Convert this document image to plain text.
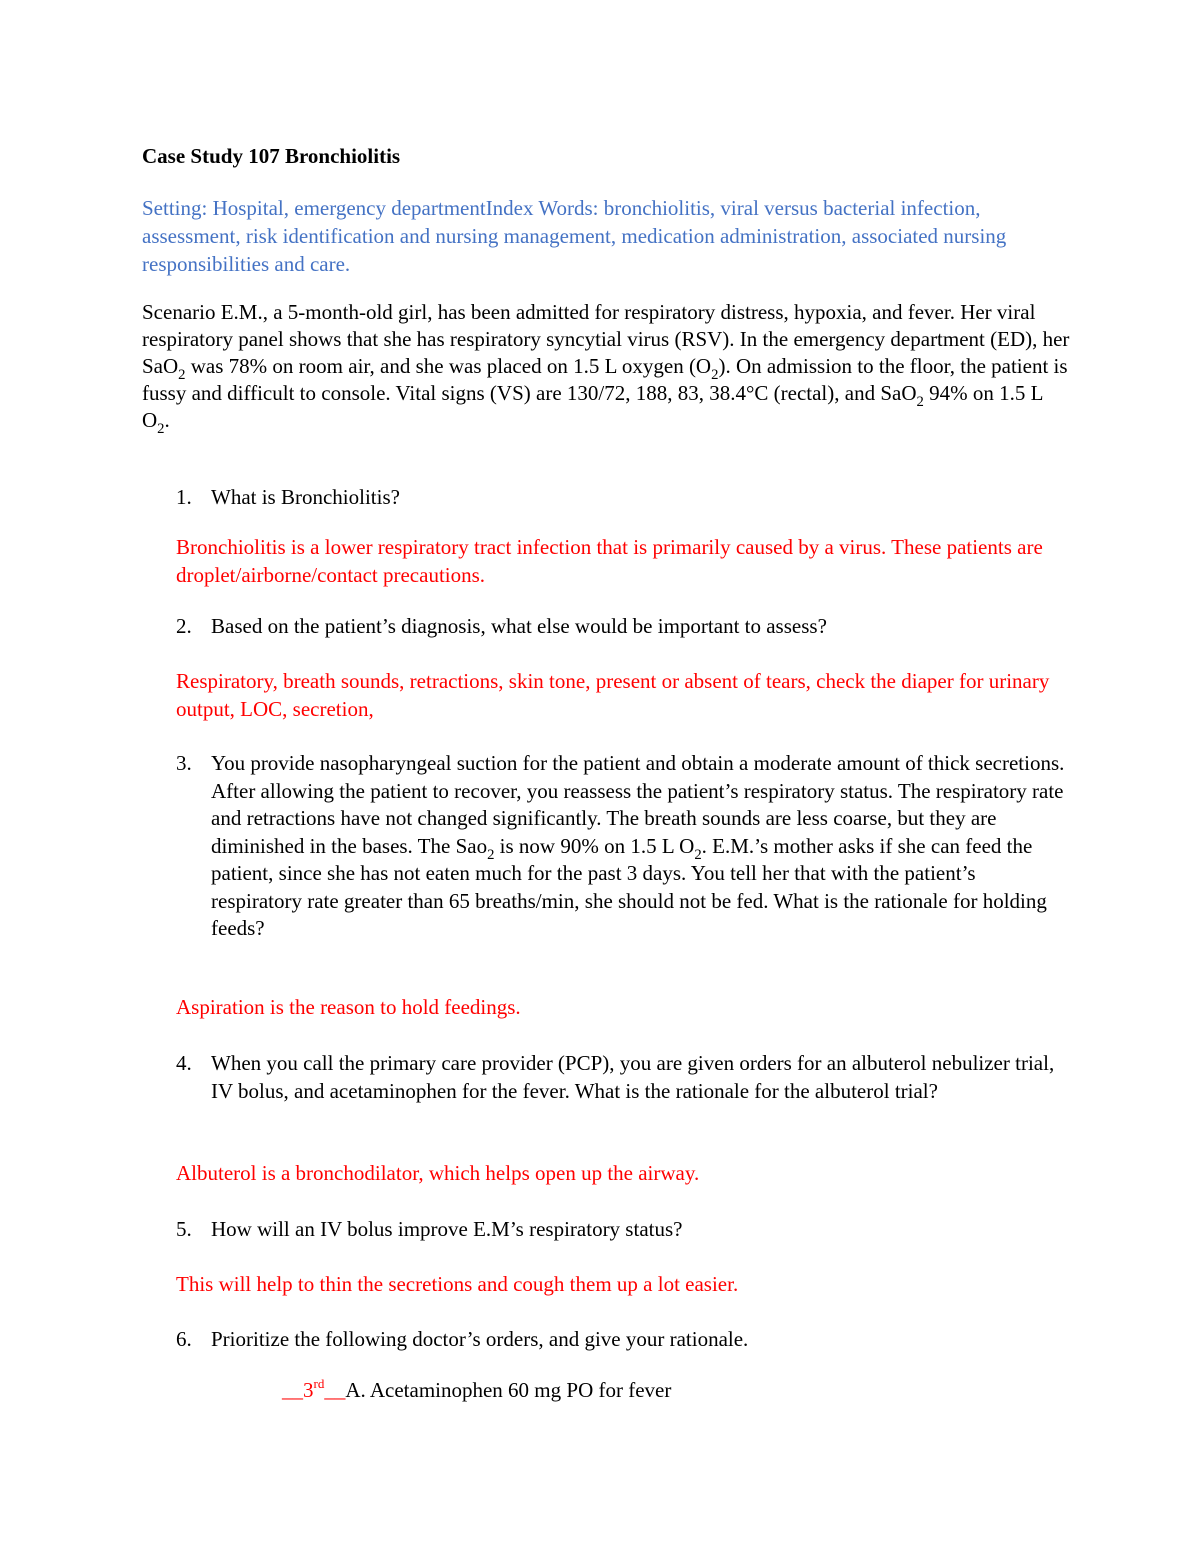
Case Study 107 Bronchiolitis
Setting: Hospital, emergency departmentIndex Words: bronchiolitis, viral versus bacterial infection, assessment, risk identification and nursing management, medication administration, associated nursing responsibilities and care.
Scenario E.M., a 5-month-old girl, has been admitted for respiratory distress, hypoxia, and fever. Her viral respiratory panel shows that she has respiratory syncytial virus (RSV). In the emergency department (ED), her SaO$_2$ was 78% on room air, and she was placed on 1.5 L oxygen $(O_2)$. On admission to the floor, the patient is fussy and difficult to console. Vital signs (VS) are 130/72, 188, 83, 38.4°C (rectal), and SaO$_2$ 94% on 1.5 L $O_2$.
1. What is Bronchiolitis?
Bronchiolitis is a lower respiratory tract infection that is primarily caused by a virus. These patients are droplet/airborne/contact precautions.
2. Based on the patient’s diagnosis, what else would be important to assess?
Respiratory, breath sounds, retractions, skin tone, present or absent of tears, check the diaper for urinary output, LOC, secretion,
3. You provide nasopharyngeal suction for the patient and obtain a moderate amount of thick secretions. After allowing the patient to recover, you reassess the patient’s respiratory status. The respiratory rate and retractions have not changed significantly. The breath sounds are less coarse, but they are diminished in the bases. The Sao$_2$ is now 90% on 1.5 L $O_2$. E.M.’s mother asks if she can feed the patient, since she has not eaten much for the past 3 days. You tell her that with the patient’s respiratory rate greater than 65 breaths/min, she should not be fed. What is the rationale for holding feeds?
Aspiration is the reason to hold feedings.
4. When you call the primary care provider (PCP), you are given orders for an albuterol nebulizer trial, IV bolus, and acetaminophen for the fever. What is the rationale for the albuterol trial?
Albuterol is a bronchodilator, which helps open up the airway.
5. How will an IV bolus improve E.M’s respiratory status?
This will help to thin the secretions and cough them up a lot easier.
6. Prioritize the following doctor’s orders, and give your rationale.
__3rd__A. Acetaminophen 60 mg PO for fever
